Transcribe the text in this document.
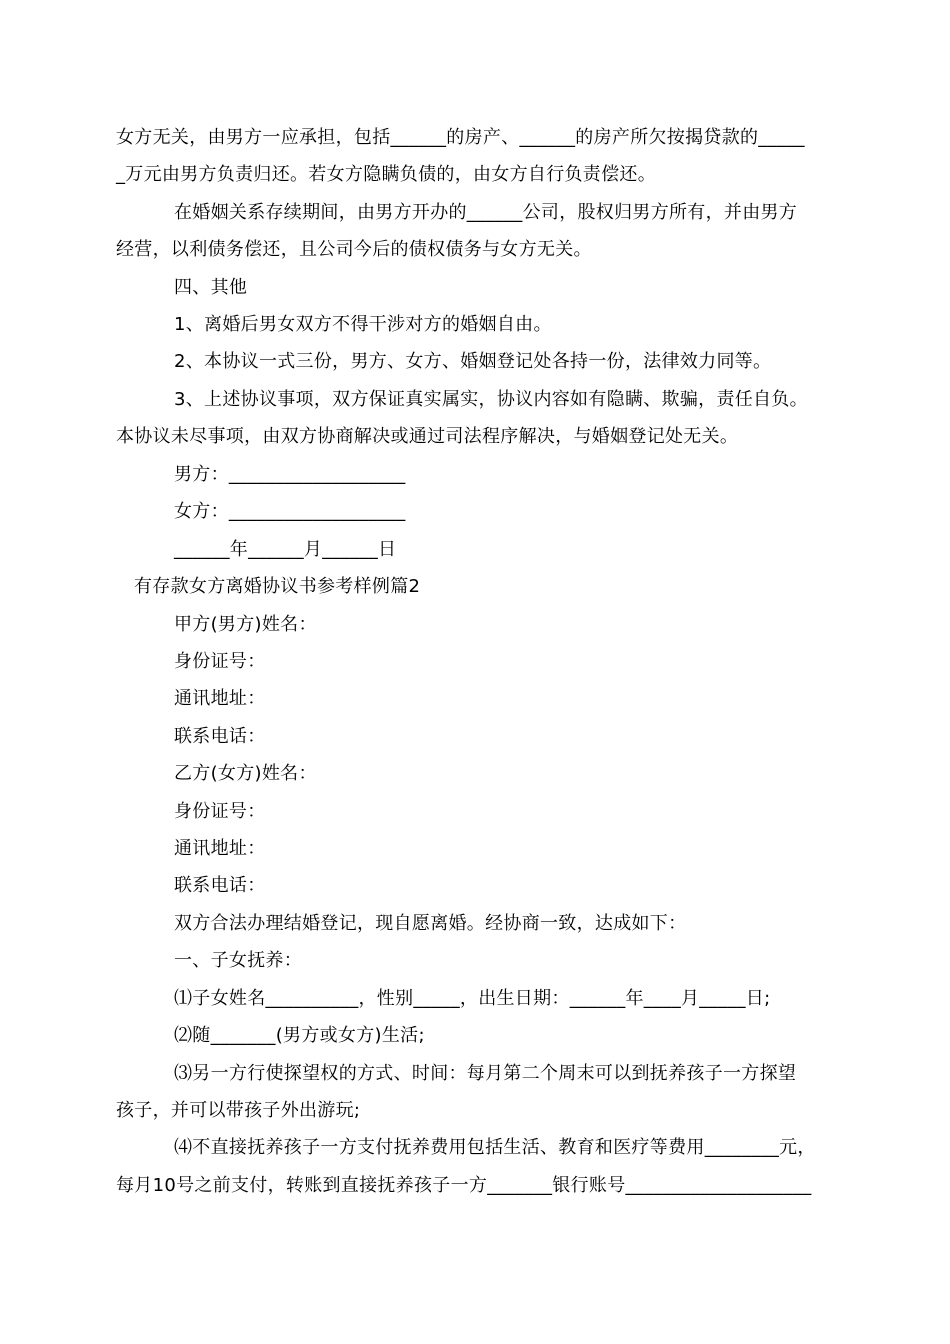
女方无关，由男方一应承担，包括______的房产、______的房产所欠按揭贷款的_____
_万元由男方负责归还。若女方隐瞒负债的，由女方自行负责偿还。
在婚姻关系存续期间，由男方开办的______公司，股权归男方所有，并由男方
经营，以利债务偿还，且公司今后的债权债务与女方无关。
四、其他
1、离婚后男女双方不得干涉对方的婚姻自由。
2、本协议一式三份，男方、女方、婚姻登记处各持一份，法律效力同等。
3、上述协议事项，双方保证真实属实，协议内容如有隐瞒、欺骗，责任自负。
本协议未尽事项，由双方协商解决或通过司法程序解决，与婚姻登记处无关。
男方：___________________
女方：___________________
______年______月______日
有存款女方离婚协议书参考样例篇2
甲方(男方)姓名：
身份证号：
通讯地址：
联系电话：
乙方(女方)姓名：
身份证号：
通讯地址：
联系电话：
双方合法办理结婚登记，现自愿离婚。经协商一致，达成如下：
一、子女抚养：
⑴子女姓名__________，性别_____，出生日期：______年____月_____日;
⑵随_______(男方或女方)生活;
⑶另一方行使探望权的方式、时间：每月第二个周末可以到抚养孩子一方探望
孩子，并可以带孩子外出游玩;
⑷不直接抚养孩子一方支付抚养费用包括生活、教育和医疗等费用________元，
每月10号之前支付，转账到直接抚养孩子一方_______银行账号____________________
